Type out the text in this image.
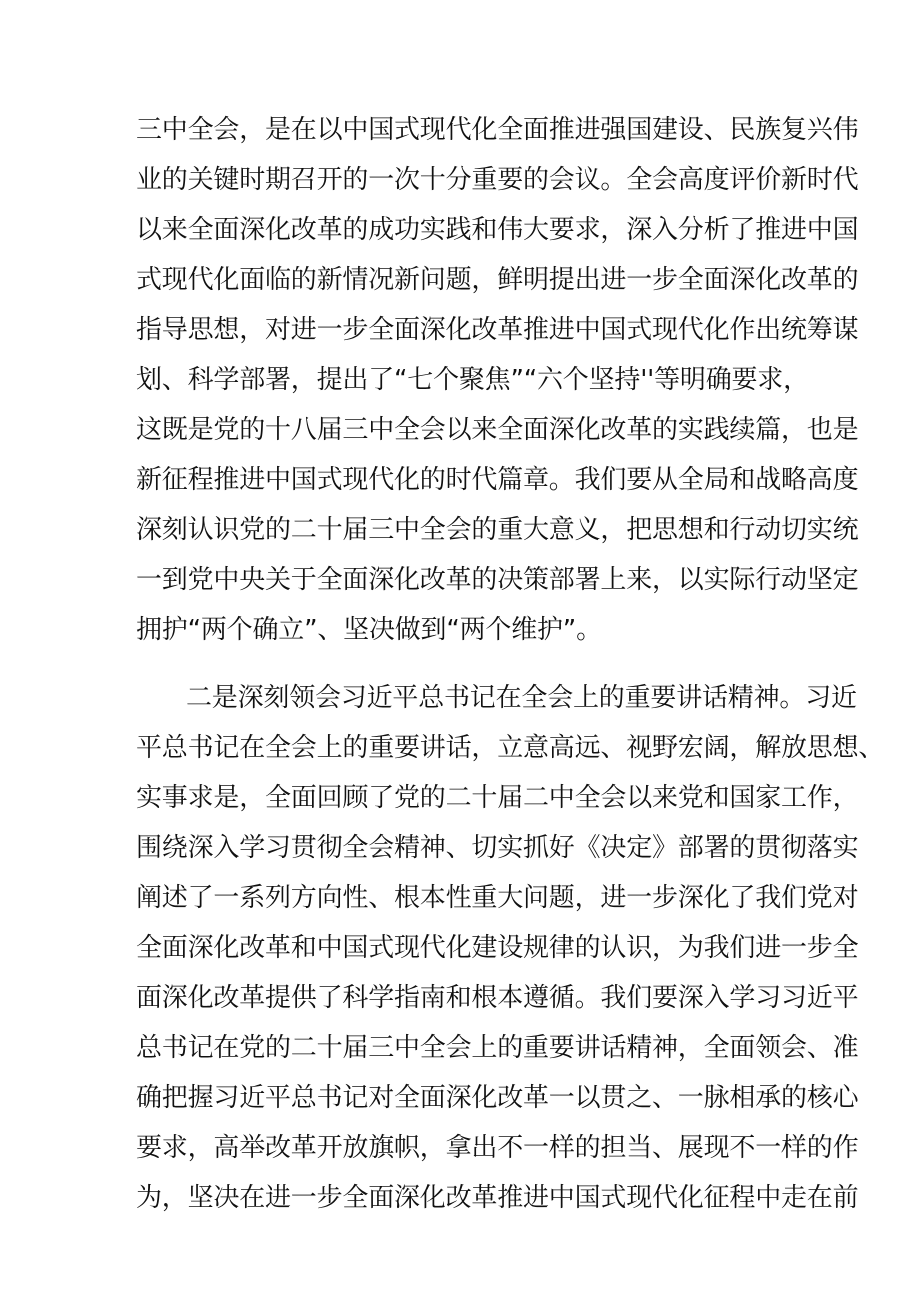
三中全会，是在以中国式现代化全面推进强国建设、民族复兴伟
业的关键时期召开的一次十分重要的会议。全会高度评价新时代
以来全面深化改革的成功实践和伟大要求，深入分析了推进中国
式现代化面临的新情况新问题，鲜明提出进一步全面深化改革的
指导思想，对进一步全面深化改革推进中国式现代化作出统筹谋
划、科学部署，提出了“七个聚焦”“六个坚持''等明确要求，
这既是党的十八届三中全会以来全面深化改革的实践续篇，也是
新征程推进中国式现代化的时代篇章。我们要从全局和战略高度
深刻认识党的二十届三中全会的重大意义，把思想和行动切实统
一到党中央关于全面深化改革的决策部署上来，以实际行动坚定
拥护“两个确立”、坚决做到“两个维护”。
二是深刻领会习近平总书记在全会上的重要讲话精神。习近
平总书记在全会上的重要讲话，立意高远、视野宏阔，解放思想、
实事求是，全面回顾了党的二十届二中全会以来党和国家工作，
围绕深入学习贯彻全会精神、切实抓好《决定》部署的贯彻落实
阐述了一系列方向性、根本性重大问题，进一步深化了我们党对
全面深化改革和中国式现代化建设规律的认识，为我们进一步全
面深化改革提供了科学指南和根本遵循。我们要深入学习习近平
总书记在党的二十届三中全会上的重要讲话精神，全面领会、准
确把握习近平总书记对全面深化改革一以贯之、一脉相承的核心
要求，高举改革开放旗帜，拿出不一样的担当、展现不一样的作
为，坚决在进一步全面深化改革推进中国式现代化征程中走在前
